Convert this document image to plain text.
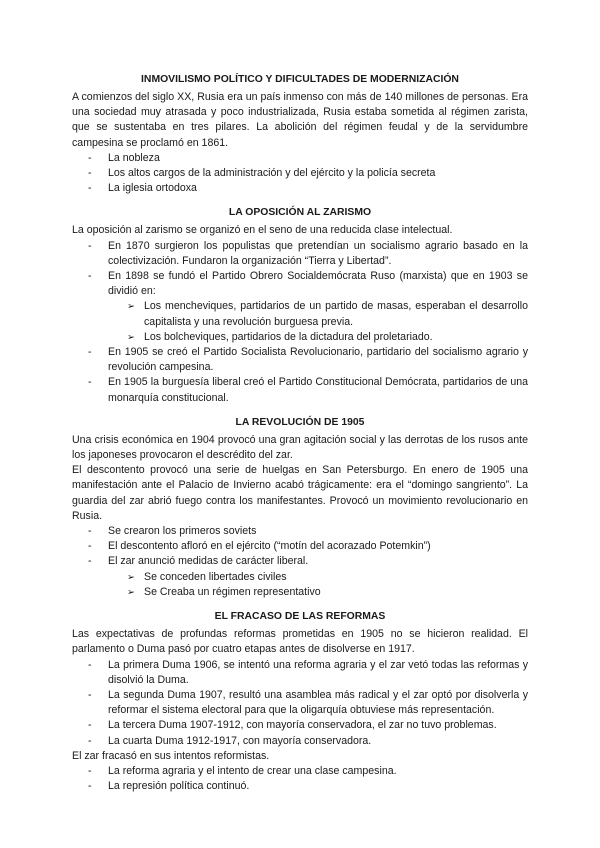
INMOVILISMO POLÍTICO Y DIFICULTADES DE MODERNIZACIÓN

A comienzos del siglo XX, Rusia era un país inmenso con más de 140 millones de personas. Era una sociedad muy atrasada y poco industrializada, Rusia estaba sometida al régimen zarista, que se sustentaba en tres pilares. La abolición del régimen feudal y de la servidumbre campesina se proclamó en 1861.

- La nobleza
- Los altos cargos de la administración y del ejército y la policía secreta
- La iglesia ortodoxa
LA OPOSICIÓN AL ZARISMO

La oposición al zarismo se organizó en el seno de una reducida clase intelectual.

- En 1870 surgieron los populistas que pretendían un socialismo agrario basado en la colectivización. Fundaron la organización “Tierra y Libertad”.
- En 1898 se fundó el Partido Obrero Socialdemócrata Ruso (marxista) que en 1903 se dividió en:
➢ Los mencheviques, partidarios de un partido de masas, esperaban el desarrollo capitalista y una revolución burguesa previa.
➢ Los bolcheviques, partidarios de la dictadura del proletariado.
- En 1905 se creó el Partido Socialista Revolucionario, partidario del socialismo agrario y revolución campesina.
- En 1905 la burguesía liberal creó el Partido Constitucional Demócrata, partidarios de una monarquía constitucional.
LA REVOLUCIÓN DE 1905

Una crisis económica en 1904 provocó una gran agitación social y las derrotas de los rusos ante los japoneses provocaron el descrédito del zar.

El descontento provocó una serie de huelgas en San Petersburgo. En enero de 1905 una manifestación ante el Palacio de Invierno acabó trágicamente: era el “domingo sangriento”. La guardia del zar abrió fuego contra los manifestantes. Provocó un movimiento revolucionario en Rusia.

- Se crearon los primeros soviets
- El descontento afloró en el ejército (“motín del acorazado Potemkin”)
- El zar anunció medidas de carácter liberal.
➢ Se conceden libertades civiles
➢ Se Creaba un régimen representativo
EL FRACASO DE LAS REFORMAS

Las expectativas de profundas reformas prometidas en 1905 no se hicieron realidad. El parlamento o Duma pasó por cuatro etapas antes de disolverse en 1917.

- La primera Duma 1906, se intentó una reforma agraria y el zar vetó todas las reformas y disolvió la Duma.
- La segunda Duma 1907, resultó una asamblea más radical y el zar optó por disolverla y reformar el sistema electoral para que la oligarquía obtuviese más representación.
- La tercera Duma 1907-1912, con mayoría conservadora, el zar no tuvo problemas.
- La cuarta Duma 1912-1917, con mayoría conservadora.

El zar fracasó en sus intentos reformistas.

- La reforma agraria y el intento de crear una clase campesina.
- La represión política continuó.
